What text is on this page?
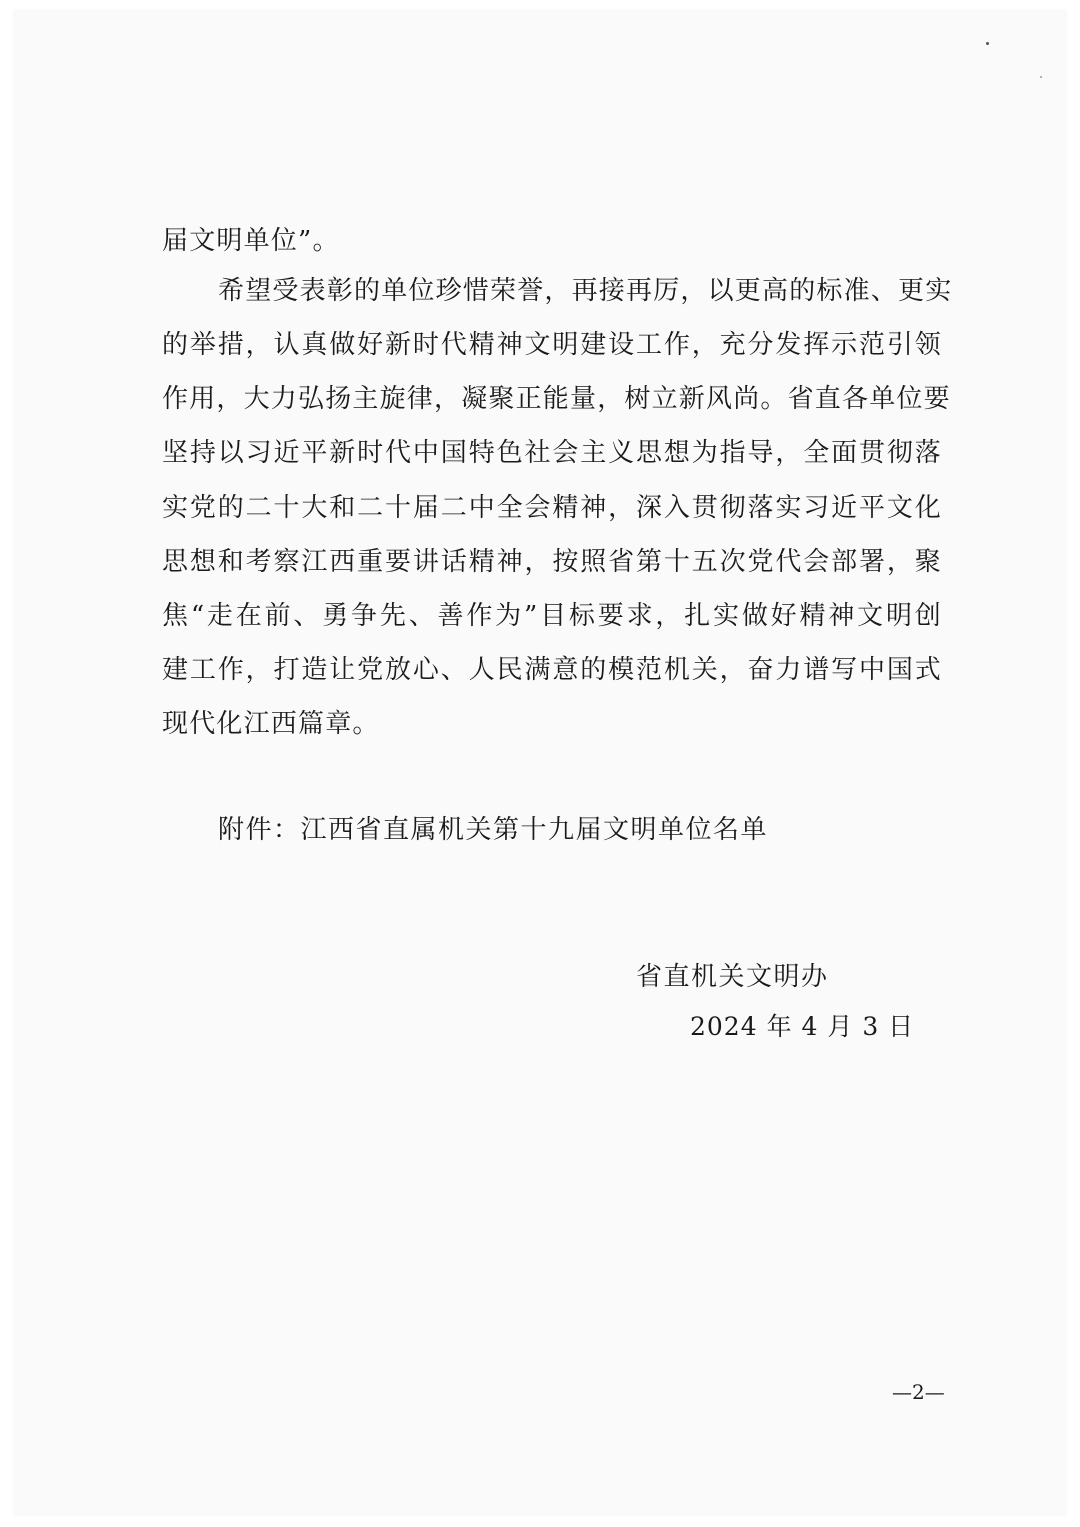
届文明单位”。
希望受表彰的单位珍惜荣誉，再接再厉，以更高的标准、更实
的举措，认真做好新时代精神文明建设工作，充分发挥示范引领
作用，大力弘扬主旋律，凝聚正能量，树立新风尚。省直各单位要
坚持以习近平新时代中国特色社会主义思想为指导，全面贯彻落
实党的二十大和二十届二中全会精神，深入贯彻落实习近平文化
思想和考察江西重要讲话精神，按照省第十五次党代会部署，聚
焦“走在前、勇争先、善作为”目标要求，扎实做好精神文明创
建工作，打造让党放心、人民满意的模范机关，奋力谱写中国式
现代化江西篇章。
附件：江西省直属机关第十九届文明单位名单
省直机关文明办
2024 年 4 月 3 日
—2—
